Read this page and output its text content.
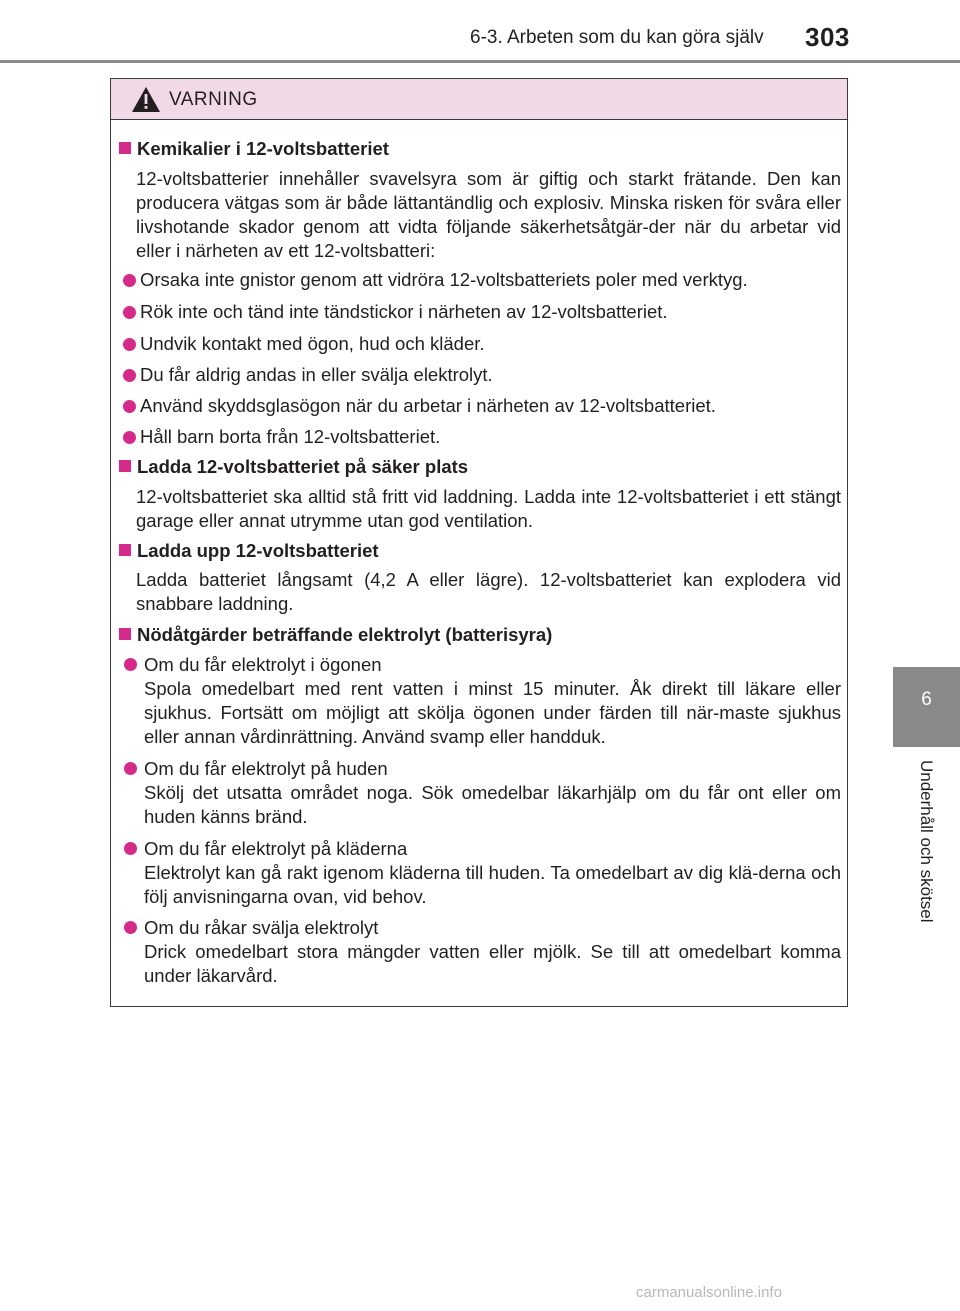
6-3. Arbeten som du kan göra själv 303
6
Underhåll och skötsel
VARNING
Kemikalier i 12-voltsbatteriet
12-voltsbatterier innehåller svavelsyra som är giftig och starkt frätande. Den kan producera vätgas som är både lättantändlig och explosiv. Minska risken för svåra eller livshotande skador genom att vidta följande säkerhetsåtgär-der när du arbetar vid eller i närheten av ett 12-voltsbatteri:
Orsaka inte gnistor genom att vidröra 12-voltsbatteriets poler med verktyg.
Rök inte och tänd inte tändstickor i närheten av 12-voltsbatteriet.
Undvik kontakt med ögon, hud och kläder.
Du får aldrig andas in eller svälja elektrolyt.
Använd skyddsglasögon när du arbetar i närheten av 12-voltsbatteriet.
Håll barn borta från 12-voltsbatteriet.
Ladda 12-voltsbatteriet på säker plats
12-voltsbatteriet ska alltid stå fritt vid laddning. Ladda inte 12-voltsbatteriet i ett stängt garage eller annat utrymme utan god ventilation.
Ladda upp 12-voltsbatteriet
Ladda batteriet långsamt (4,2 A eller lägre). 12-voltsbatteriet kan explodera vid snabbare laddning.
Nödåtgärder beträffande elektrolyt (batterisyra)
Om du får elektrolyt i ögonen
Spola omedelbart med rent vatten i minst 15 minuter. Åk direkt till läkare eller sjukhus. Fortsätt om möjligt att skölja ögonen under färden till när-maste sjukhus eller annan vårdinrättning. Använd svamp eller handduk.
Om du får elektrolyt på huden
Skölj det utsatta området noga. Sök omedelbar läkarhjälp om du får ont eller om huden känns bränd.
Om du får elektrolyt på kläderna
Elektrolyt kan gå rakt igenom kläderna till huden. Ta omedelbart av dig klä-derna och följ anvisningarna ovan, vid behov.
Om du råkar svälja elektrolyt
Drick omedelbart stora mängder vatten eller mjölk. Se till att omedelbart komma under läkarvård.
carmanualsonline.info
